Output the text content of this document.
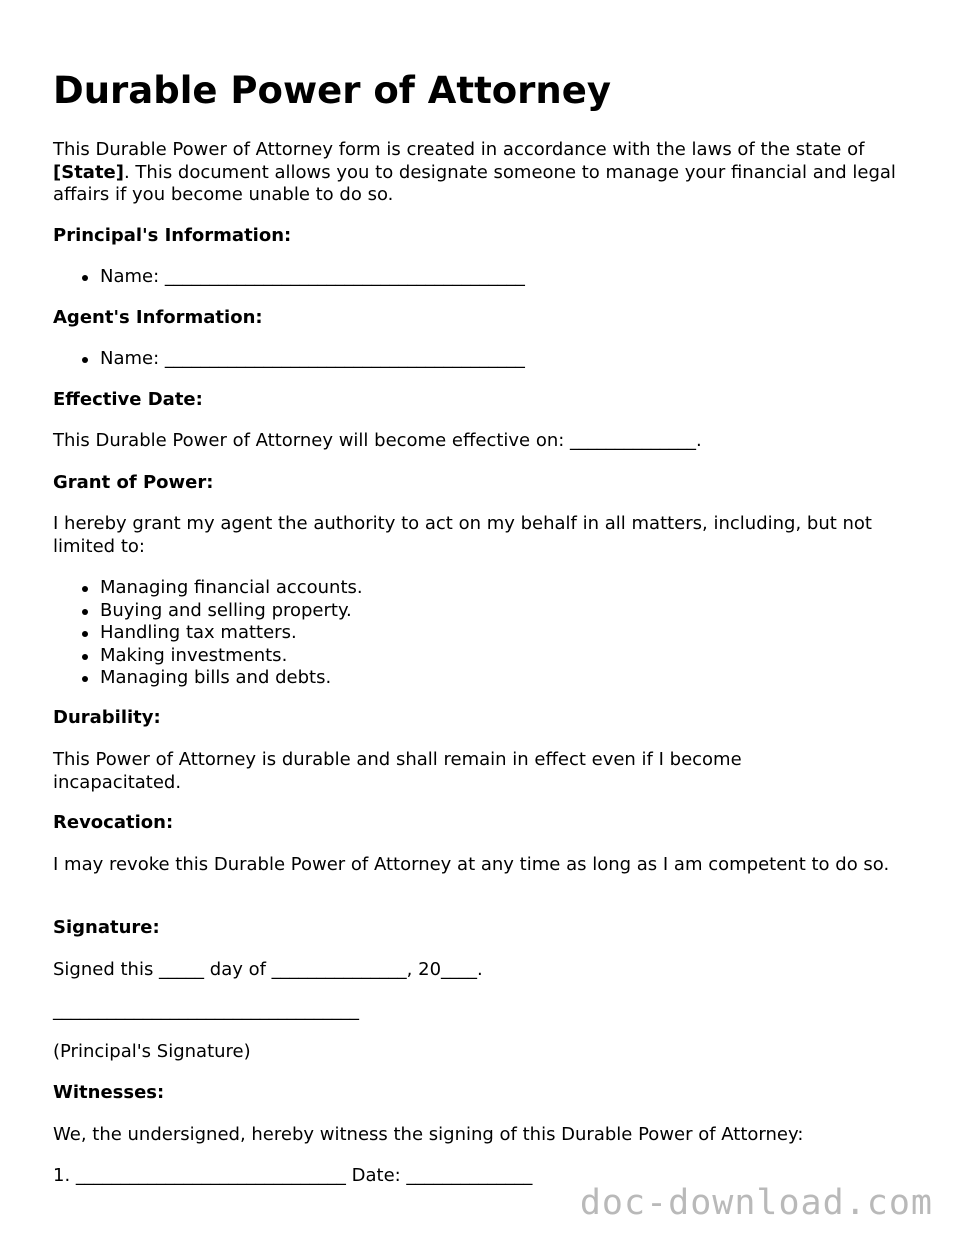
Durable Power of Attorney

This Durable Power of Attorney form is created in accordance with the laws of the state of [State]. This document allows you to designate someone to manage your financial and legal affairs if you become unable to do so.

Principal's Information:

Name: ________________________________________

Agent's Information:

Name: ________________________________________

Effective Date:

This Durable Power of Attorney will become effective on: ______________.

Grant of Power:

I hereby grant my agent the authority to act on my behalf in all matters, including, but not limited to:

Managing financial accounts.
Buying and selling property.
Handling tax matters.
Making investments.
Managing bills and debts.

Durability:

This Power of Attorney is durable and shall remain in effect even if I become incapacitated.

Revocation:

I may revoke this Durable Power of Attorney at any time as long as I am competent to do so.

Signature:

Signed this _____ day of _______________, 20____.

__________________________________

(Principal's Signature)

Witnesses:

We, the undersigned, hereby witness the signing of this Durable Power of Attorney:

1. ______________________________ Date: ______________

doc-download.com
